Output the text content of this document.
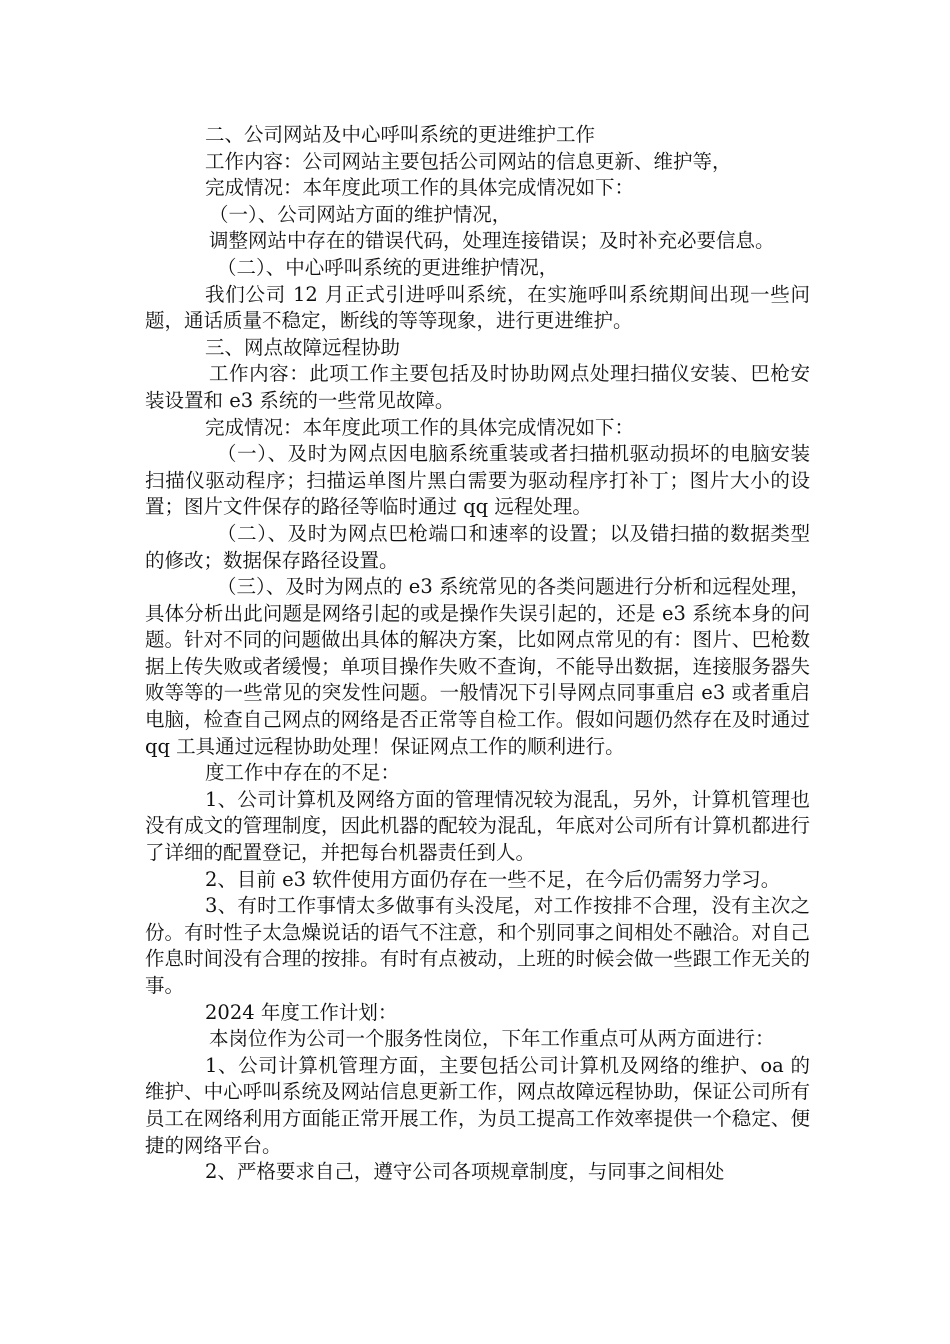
二、公司网站及中心呼叫系统的更进维护工作

工作内容：公司网站主要包括公司网站的信息更新、维护等，

完成情况：本年度此项工作的具体完成情况如下：

（一）、公司网站方面的维护情况，

调整网站中存在的错误代码，处理连接错误；及时补充必要信息。

（二）、中心呼叫系统的更进维护情况，

我们公司 12 月正式引进呼叫系统，在实施呼叫系统期间出现一些问题，通话质量不稳定，断线的等等现象，进行更进维护。

三、网点故障远程协助

工作内容：此项工作主要包括及时协助网点处理扫描仪安装、巴枪安装设置和 e3 系统的一些常见故障。

完成情况：本年度此项工作的具体完成情况如下：

（一）、及时为网点因电脑系统重装或者扫描机驱动损坏的电脑安装扫描仪驱动程序；扫描运单图片黑白需要为驱动程序打补丁；图片大小的设置；图片文件保存的路径等临时通过 qq 远程处理。

（二）、及时为网点巴枪端口和速率的设置；以及错扫描的数据类型的修改；数据保存路径设置。

（三）、及时为网点的 e3 系统常见的各类问题进行分析和远程处理，具体分析出此问题是网络引起的或是操作失误引起的，还是 e3 系统本身的问题。针对不同的问题做出具体的解决方案，比如网点常见的有：图片、巴枪数据上传失败或者缓慢；单项目操作失败不查询，不能导出数据，连接服务器失败等等的一些常见的突发性问题。一般情况下引导网点同事重启 e3 或者重启电脑，检查自己网点的网络是否正常等自检工作。假如问题仍然存在及时通过 qq 工具通过远程协助处理！保证网点工作的顺利进行。

度工作中存在的不足：

1、公司计算机及网络方面的管理情况较为混乱，另外，计算机管理也没有成文的管理制度，因此机器的配较为混乱，年底对公司所有计算机都进行了详细的配置登记，并把每台机器责任到人。

2、目前 e3 软件使用方面仍存在一些不足，在今后仍需努力学习。

3、有时工作事情太多做事有头没尾，对工作按排不合理，没有主次之份。有时性子太急燥说话的语气不注意，和个别同事之间相处不融洽。对自己作息时间没有合理的按排。有时有点被动，上班的时候会做一些跟工作无关的事。

2024 年度工作计划：

本岗位作为公司一个服务性岗位，下年工作重点可从两方面进行：

1、公司计算机管理方面，主要包括公司计算机及网络的维护、oa 的维护、中心呼叫系统及网站信息更新工作，网点故障远程协助，保证公司所有员工在网络利用方面能正常开展工作，为员工提高工作效率提供一个稳定、便捷的网络平台。

2、严格要求自己，遵守公司各项规章制度，与同事之间相处
